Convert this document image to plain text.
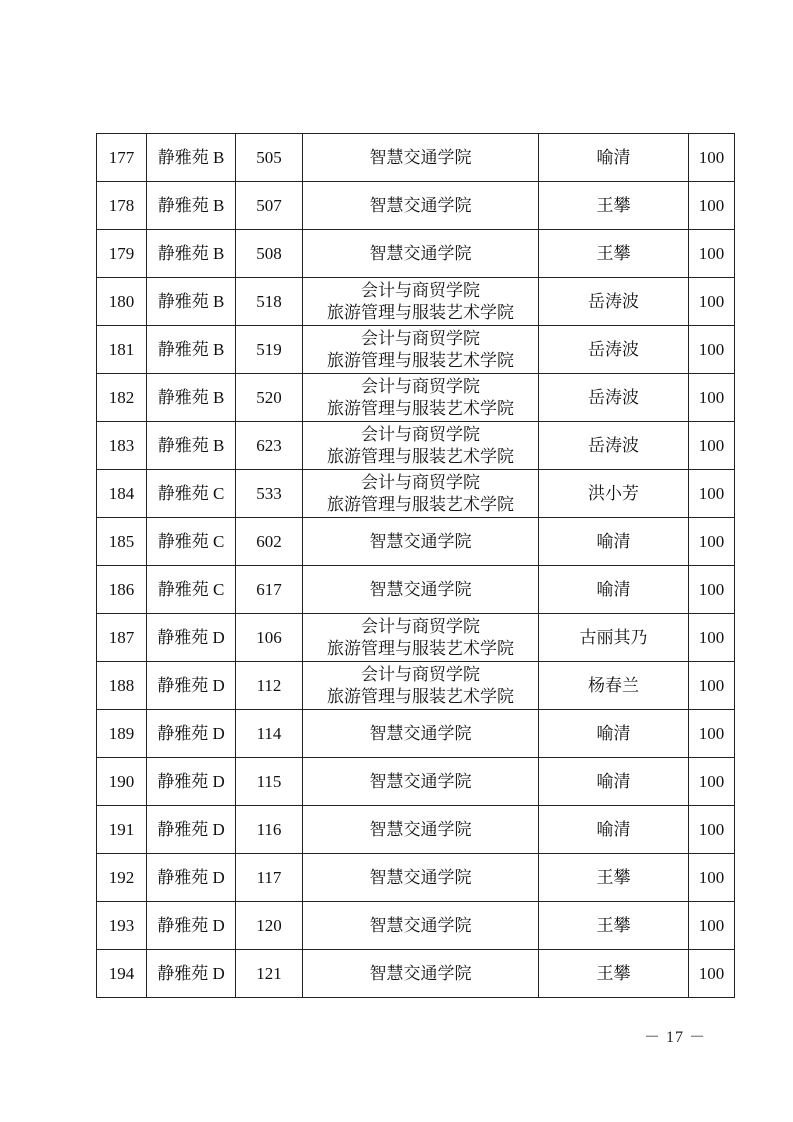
177	静雅苑 B	505	智慧交通学院	喻清	100
178	静雅苑 B	507	智慧交通学院	王攀	100
179	静雅苑 B	508	智慧交通学院	王攀	100
180	静雅苑 B	518	会计与商贸学院
旅游管理与服装艺术学院	岳涛波	100
181	静雅苑 B	519	会计与商贸学院
旅游管理与服装艺术学院	岳涛波	100
182	静雅苑 B	520	会计与商贸学院
旅游管理与服装艺术学院	岳涛波	100
183	静雅苑 B	623	会计与商贸学院
旅游管理与服装艺术学院	岳涛波	100
184	静雅苑 C	533	会计与商贸学院
旅游管理与服装艺术学院	洪小芳	100
185	静雅苑 C	602	智慧交通学院	喻清	100
186	静雅苑 C	617	智慧交通学院	喻清	100
187	静雅苑 D	106	会计与商贸学院
旅游管理与服装艺术学院	古丽其乃	100
188	静雅苑 D	112	会计与商贸学院
旅游管理与服装艺术学院	杨春兰	100
189	静雅苑 D	114	智慧交通学院	喻清	100
190	静雅苑 D	115	智慧交通学院	喻清	100
191	静雅苑 D	116	智慧交通学院	喻清	100
192	静雅苑 D	117	智慧交通学院	王攀	100
193	静雅苑 D	120	智慧交通学院	王攀	100
194	静雅苑 D	121	智慧交通学院	王攀	100
－ 17 －
